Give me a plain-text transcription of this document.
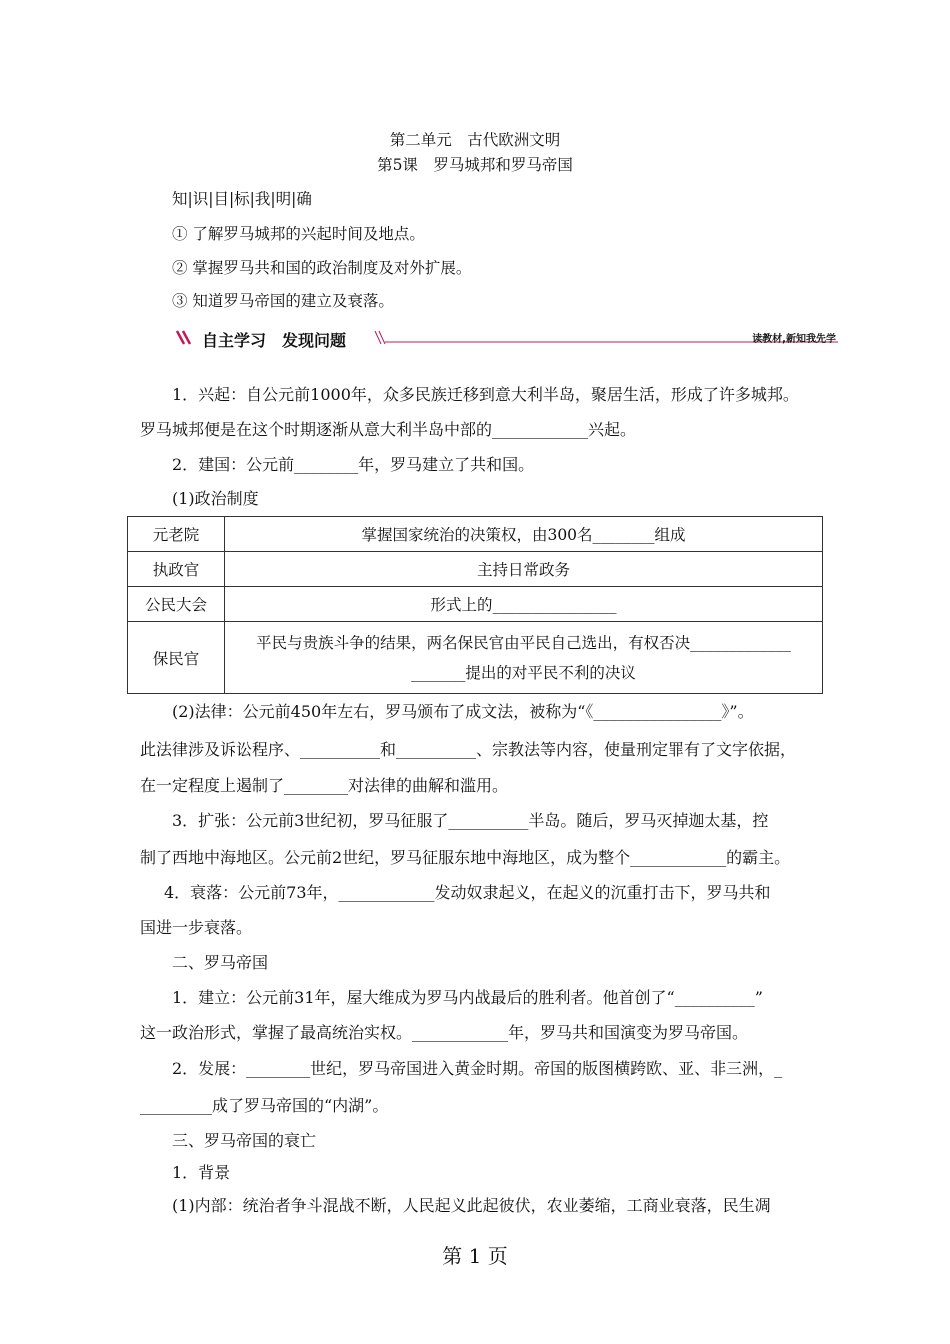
第二单元　古代欧洲文明
第5课　罗马城邦和罗马帝国
知|识|目|标|我|明|确
① 了解罗马城邦的兴起时间及地点。
② 掌握罗马共和国的政治制度及对外扩展。
③ 知道罗马帝国的建立及衰落。
自主学习　发现问题	读教材,新知我先学
1．兴起：自公元前1000年，众多民族迁移到意大利半岛，聚居生活，形成了许多城邦。
罗马城邦便是在这个时期逐渐从意大利半岛中部的____________兴起。
2．建国：公元前________年，罗马建立了共和国。
(1)政治制度
元老院	掌握国家统治的决策权，由300名________组成
执政官	主持日常政务
公民大会	形式上的________________
保民官	平民与贵族斗争的结果，两名保民官由平民自己选出，有权否决_____________
_______提出的对平民不利的决议
(2)法律：公元前450年左右，罗马颁布了成文法，被称为“《________________》”。
此法律涉及诉讼程序、__________和__________、宗教法等内容，使量刑定罪有了文字依据，
在一定程度上遏制了________对法律的曲解和滥用。
3．扩张：公元前3世纪初，罗马征服了__________半岛。随后，罗马灭掉迦太基，控
制了西地中海地区。公元前2世纪，罗马征服东地中海地区，成为整个____________的霸主。
4．衰落：公元前73年，____________发动奴隶起义，在起义的沉重打击下，罗马共和
国进一步衰落。
二、罗马帝国
1．建立：公元前31年，屋大维成为罗马内战最后的胜利者。他首创了“__________”
这一政治形式，掌握了最高统治实权。____________年，罗马共和国演变为罗马帝国。
2．发展：________世纪，罗马帝国进入黄金时期。帝国的版图横跨欧、亚、非三洲，_
_________成了罗马帝国的“内湖”。
三、罗马帝国的衰亡
1．背景
(1)内部：统治者争斗混战不断，人民起义此起彼伏，农业萎缩，工商业衰落，民生凋
第 1 页
